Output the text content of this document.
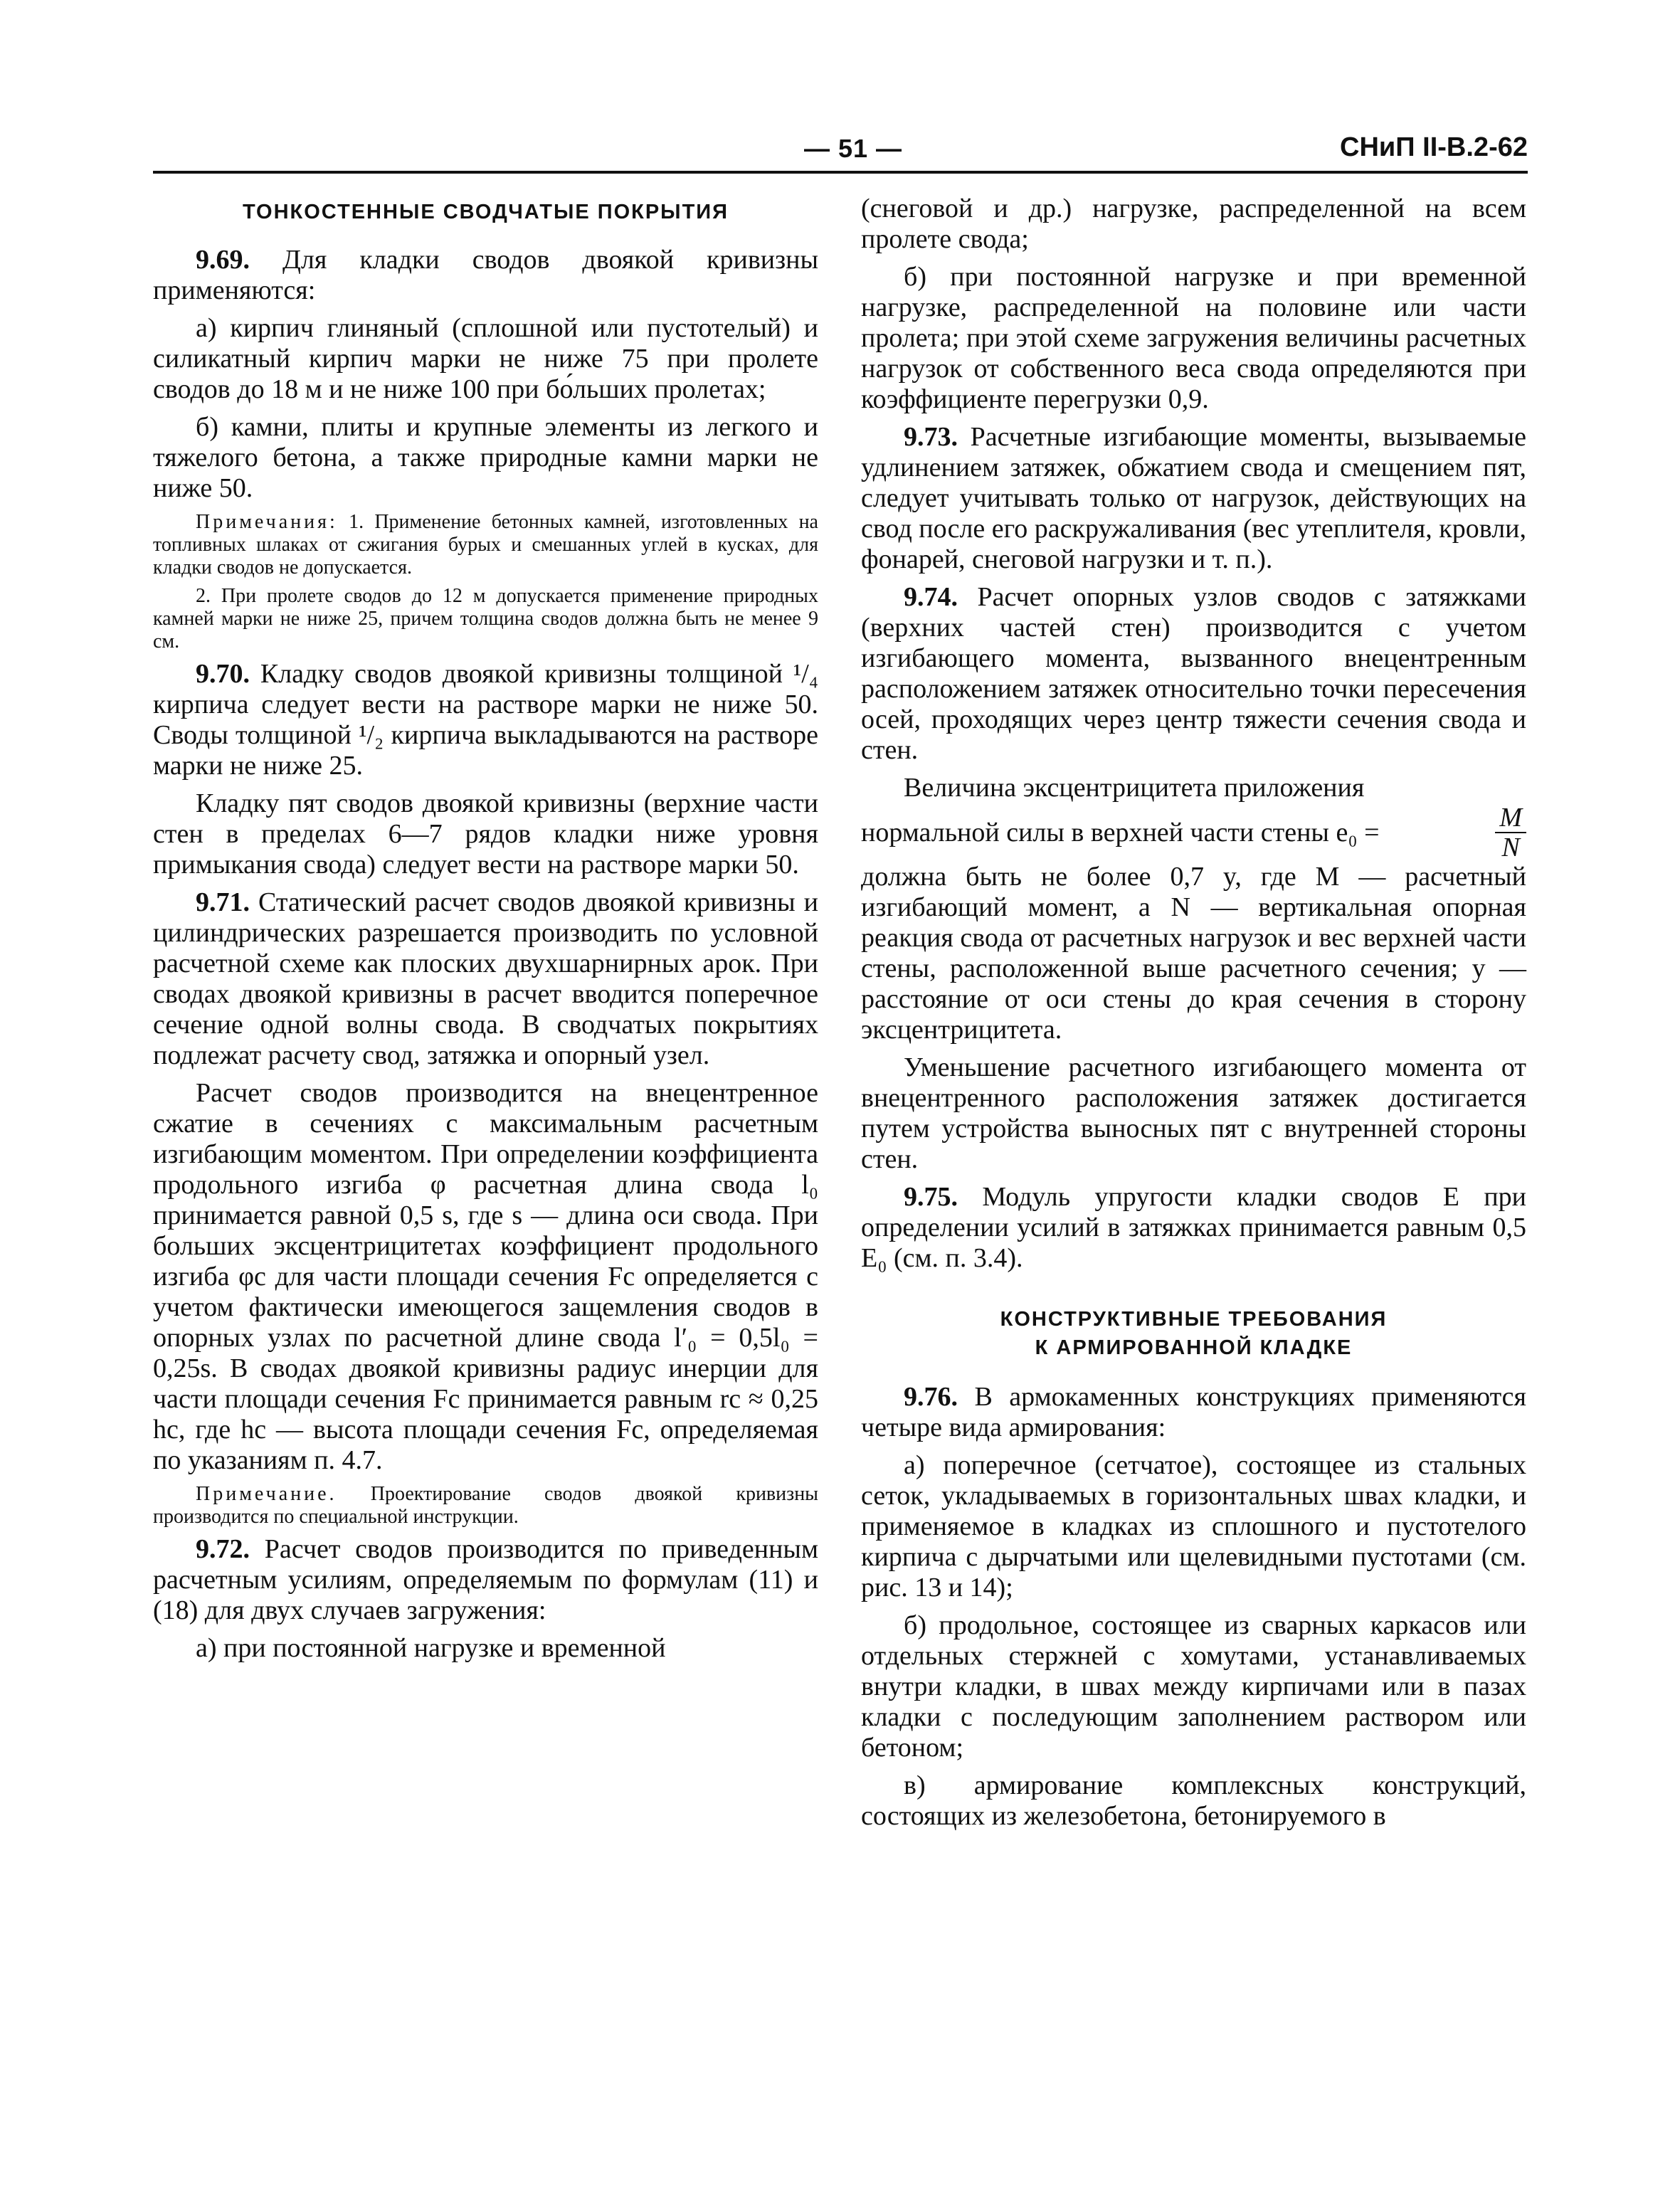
— 51 —	СНиП II-В.2-62
ТОНКОСТЕННЫЕ СВОДЧАТЫЕ ПОКРЫТИЯ

9.69. Для кладки сводов двоякой кривизны применяются:

а) кирпич глиняный (сплошной или пустотелый) и силикатный кирпич марки не ниже 75 при пролете сводов до 18 м и не ниже 100 при бо́льших пролетах;

б) камни, плиты и крупные элементы из легкого и тяжелого бетона, а также природные камни марки не ниже 50.

Примечания: 1. Применение бетонных камней, изготовленных на топливных шлаках от сжигания бурых и смешанных углей в кусках, для кладки сводов не допускается.

2. При пролете сводов до 12 м допускается применение природных камней марки не ниже 25, причем толщина сводов должна быть не менее 9 см.

9.70. Кладку сводов двоякой кривизны толщиной ¹/₄ кирпича следует вести на растворе марки не ниже 50. Своды толщиной ¹/₂ кирпича выкладываются на растворе марки не ниже 25.

Кладку пят сводов двоякой кривизны (верхние части стен в пределах 6—7 рядов кладки ниже уровня примыкания свода) следует вести на растворе марки 50.

9.71. Статический расчет сводов двоякой кривизны и цилиндрических разрешается производить по условной расчетной схеме как плоских двухшарнирных арок. При сводах двоякой кривизны в расчет вводится поперечное сечение одной волны свода. В сводчатых покрытиях подлежат расчету свод, затяжка и опорный узел.

Расчет сводов производится на внецентренное сжатие в сечениях с максимальным расчетным изгибающим моментом. При определении коэффициента продольного изгиба φ расчетная длина свода l₀ принимается равной 0,5 s, где s — длина оси свода. При больших эксцентрицитетах коэффициент продольного изгиба φс для части площади сечения Fс определяется с учетом фактически имеющегося защемления сводов в опорных узлах по расчетной длине свода l′₀ = 0,5l₀ = 0,25s. В сводах двоякой кривизны радиус инерции для части площади сечения Fс принимается равным rс ≈ 0,25 hс, где hс — высота площади сечения Fс, определяемая по указаниям п. 4.7.

Примечание. Проектирование сводов двоякой кривизны производится по специальной инструкции.

9.72. Расчет сводов производится по приведенным расчетным усилиям, определяемым по формулам (11) и (18) для двух случаев загружения:

а) при постоянной нагрузке и временной

(снеговой и др.) нагрузке, распределенной на всем пролете свода;

б) при постоянной нагрузке и при временной нагрузке, распределенной на половине или части пролета; при этой схеме загружения величины расчетных нагрузок от собственного веса свода определяются при коэффициенте перегрузки 0,9.

9.73. Расчетные изгибающие моменты, вызываемые удлинением затяжек, обжатием свода и смещением пят, следует учитывать только от нагрузок, действующих на свод после его раскружаливания (вес утеплителя, кровли, фонарей, снеговой нагрузки и т. п.).

9.74. Расчет опорных узлов сводов с затяжками (верхних частей стен) производится с учетом изгибающего момента, вызванного внецентренным расположением затяжек относительно точки пересечения осей, проходящих через центр тяжести сечения свода и стен.

Величина эксцентрицитета приложения

нормальной силы в верхней части стены e₀ =	$\frac{M}{N}$

должна быть не более 0,7 y, где M — расчетный изгибающий момент, а N — вертикальная опорная реакция свода от расчетных нагрузок и вес верхней части стены, расположенной выше расчетного сечения; y — расстояние от оси стены до края сечения в сторону эксцентрицитета.

Уменьшение расчетного изгибающего момента от внецентренного расположения затяжек достигается путем устройства выносных пят с внутренней стороны стен.

9.75. Модуль упругости кладки сводов E при определении усилий в затяжках принимается равным 0,5 E₀ (см. п. 3.4).

КОНСТРУКТИВНЫЕ ТРЕБОВАНИЯ
К АРМИРОВАННОЙ КЛАДКЕ

9.76. В армокаменных конструкциях применяются четыре вида армирования:

а) поперечное (сетчатое), состоящее из стальных сеток, укладываемых в горизонтальных швах кладки, и применяемое в кладках из сплошного и пустотелого кирпича с дырчатыми или щелевидными пустотами (см. рис. 13 и 14);

б) продольное, состоящее из сварных каркасов или отдельных стержней с хомутами, устанавливаемых внутри кладки, в швах между кирпичами или в пазах кладки с последующим заполнением раствором или бетоном;

в) армирование комплексных конструкций, состоящих из железобетона, бетонируемого в
